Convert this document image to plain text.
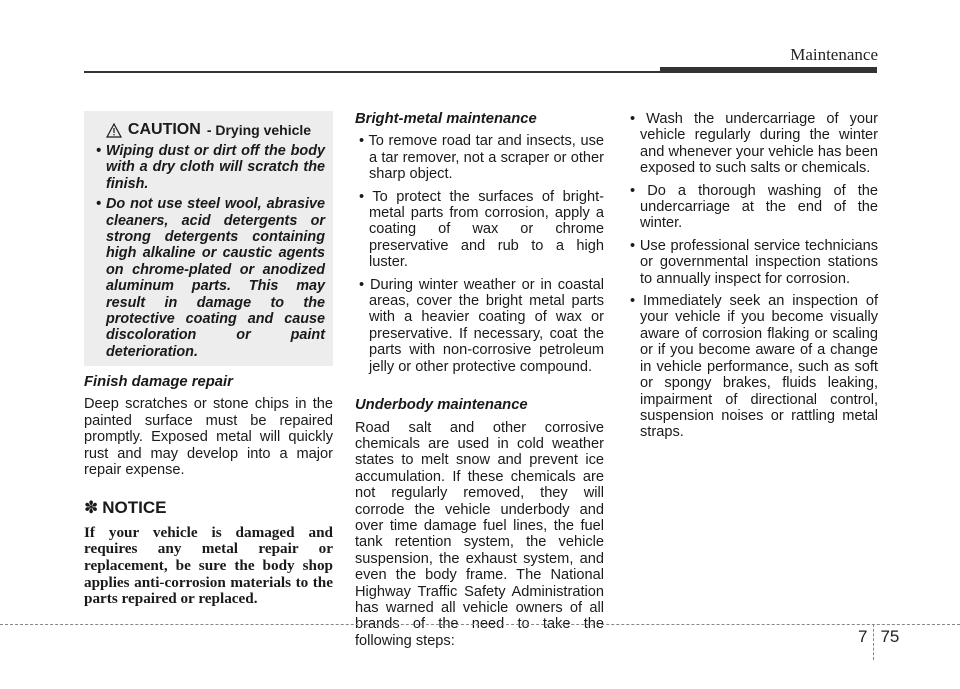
Maintenance
CAUTION - Drying vehicle

• Wiping dust or dirt off the body with a dry cloth will scratch the finish.

• Do not use steel wool, abrasive cleaners, acid detergents or strong detergents containing high alkaline or caustic agents on chrome-plated or anodized aluminum parts. This may result in damage to the protective coating and cause discoloration or paint deterioration.

Finish damage repair

Deep scratches or stone chips in the painted surface must be repaired promptly. Exposed metal will quickly rust and may develop into a major repair expense.

✽ NOTICE

If your vehicle is damaged and requires any metal repair or replacement, be sure the body shop applies anti-corrosion materials to the parts repaired or replaced.

Bright-metal maintenance

• To remove road tar and insects, use a tar remover, not a scraper or other sharp object.

• To protect the surfaces of bright-metal parts from corrosion, apply a coating of wax or chrome preservative and rub to a high luster.

• During winter weather or in coastal areas, cover the bright metal parts with a heavier coating of wax or preservative. If necessary, coat the parts with non-corrosive petroleum jelly or other protective compound.

Underbody maintenance

Road salt and other corrosive chemicals are used in cold weather states to melt snow and prevent ice accumulation. If these chemicals are not regularly removed, they will corrode the vehicle underbody and over time damage fuel lines, the fuel tank retention system, the vehicle suspension, the exhaust system, and even the body frame. The National Highway Traffic Safety Administration has warned all vehicle owners of all brands of the need to take the following steps:

• Wash the undercarriage of your vehicle regularly during the winter and whenever your vehicle has been exposed to such salts or chemicals.

• Do a thorough washing of the undercarriage at the end of the winter.

• Use professional service technicians or governmental inspection stations to annually inspect for corrosion.

• Immediately seek an inspection of your vehicle if you become visually aware of corrosion flaking or scaling or if you become aware of a change in vehicle performance, such as soft or spongy brakes, fluids leaking, impairment of directional control, suspension noises or rattling metal straps.

7 75
